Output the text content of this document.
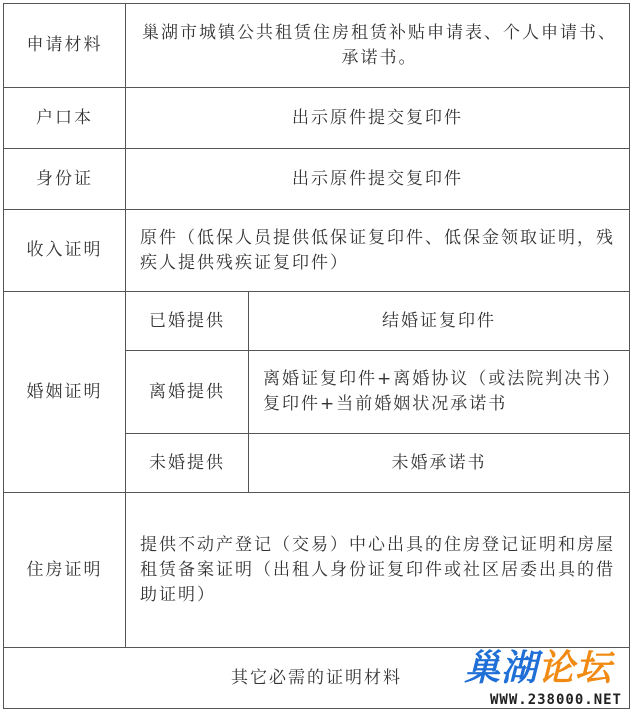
申请材料	巢湖市城镇公共租赁住房租赁补贴申请表、个人申请书、承诺书。	
户口本	出示原件提交复印件	
身份证	出示原件提交复印件	
收入证明	原件（低保人员提供低保证复印件、低保金领取证明，残疾人提供残疾证复印件）	
婚姻证明	已婚提供	结婚证复印件
	离婚提供	离婚证复印件+离婚协议（或法院判决书）复印件+当前婚姻状况承诺书
	未婚提供	未婚承诺书
住房证明	提供不动产登记（交易）中心出具的住房登记证明和房屋租赁备案证明（出租人身份证复印件或社区居委出具的借助证明）	
其它必需的证明材料		巢湖论坛
WWW.238000.NET
